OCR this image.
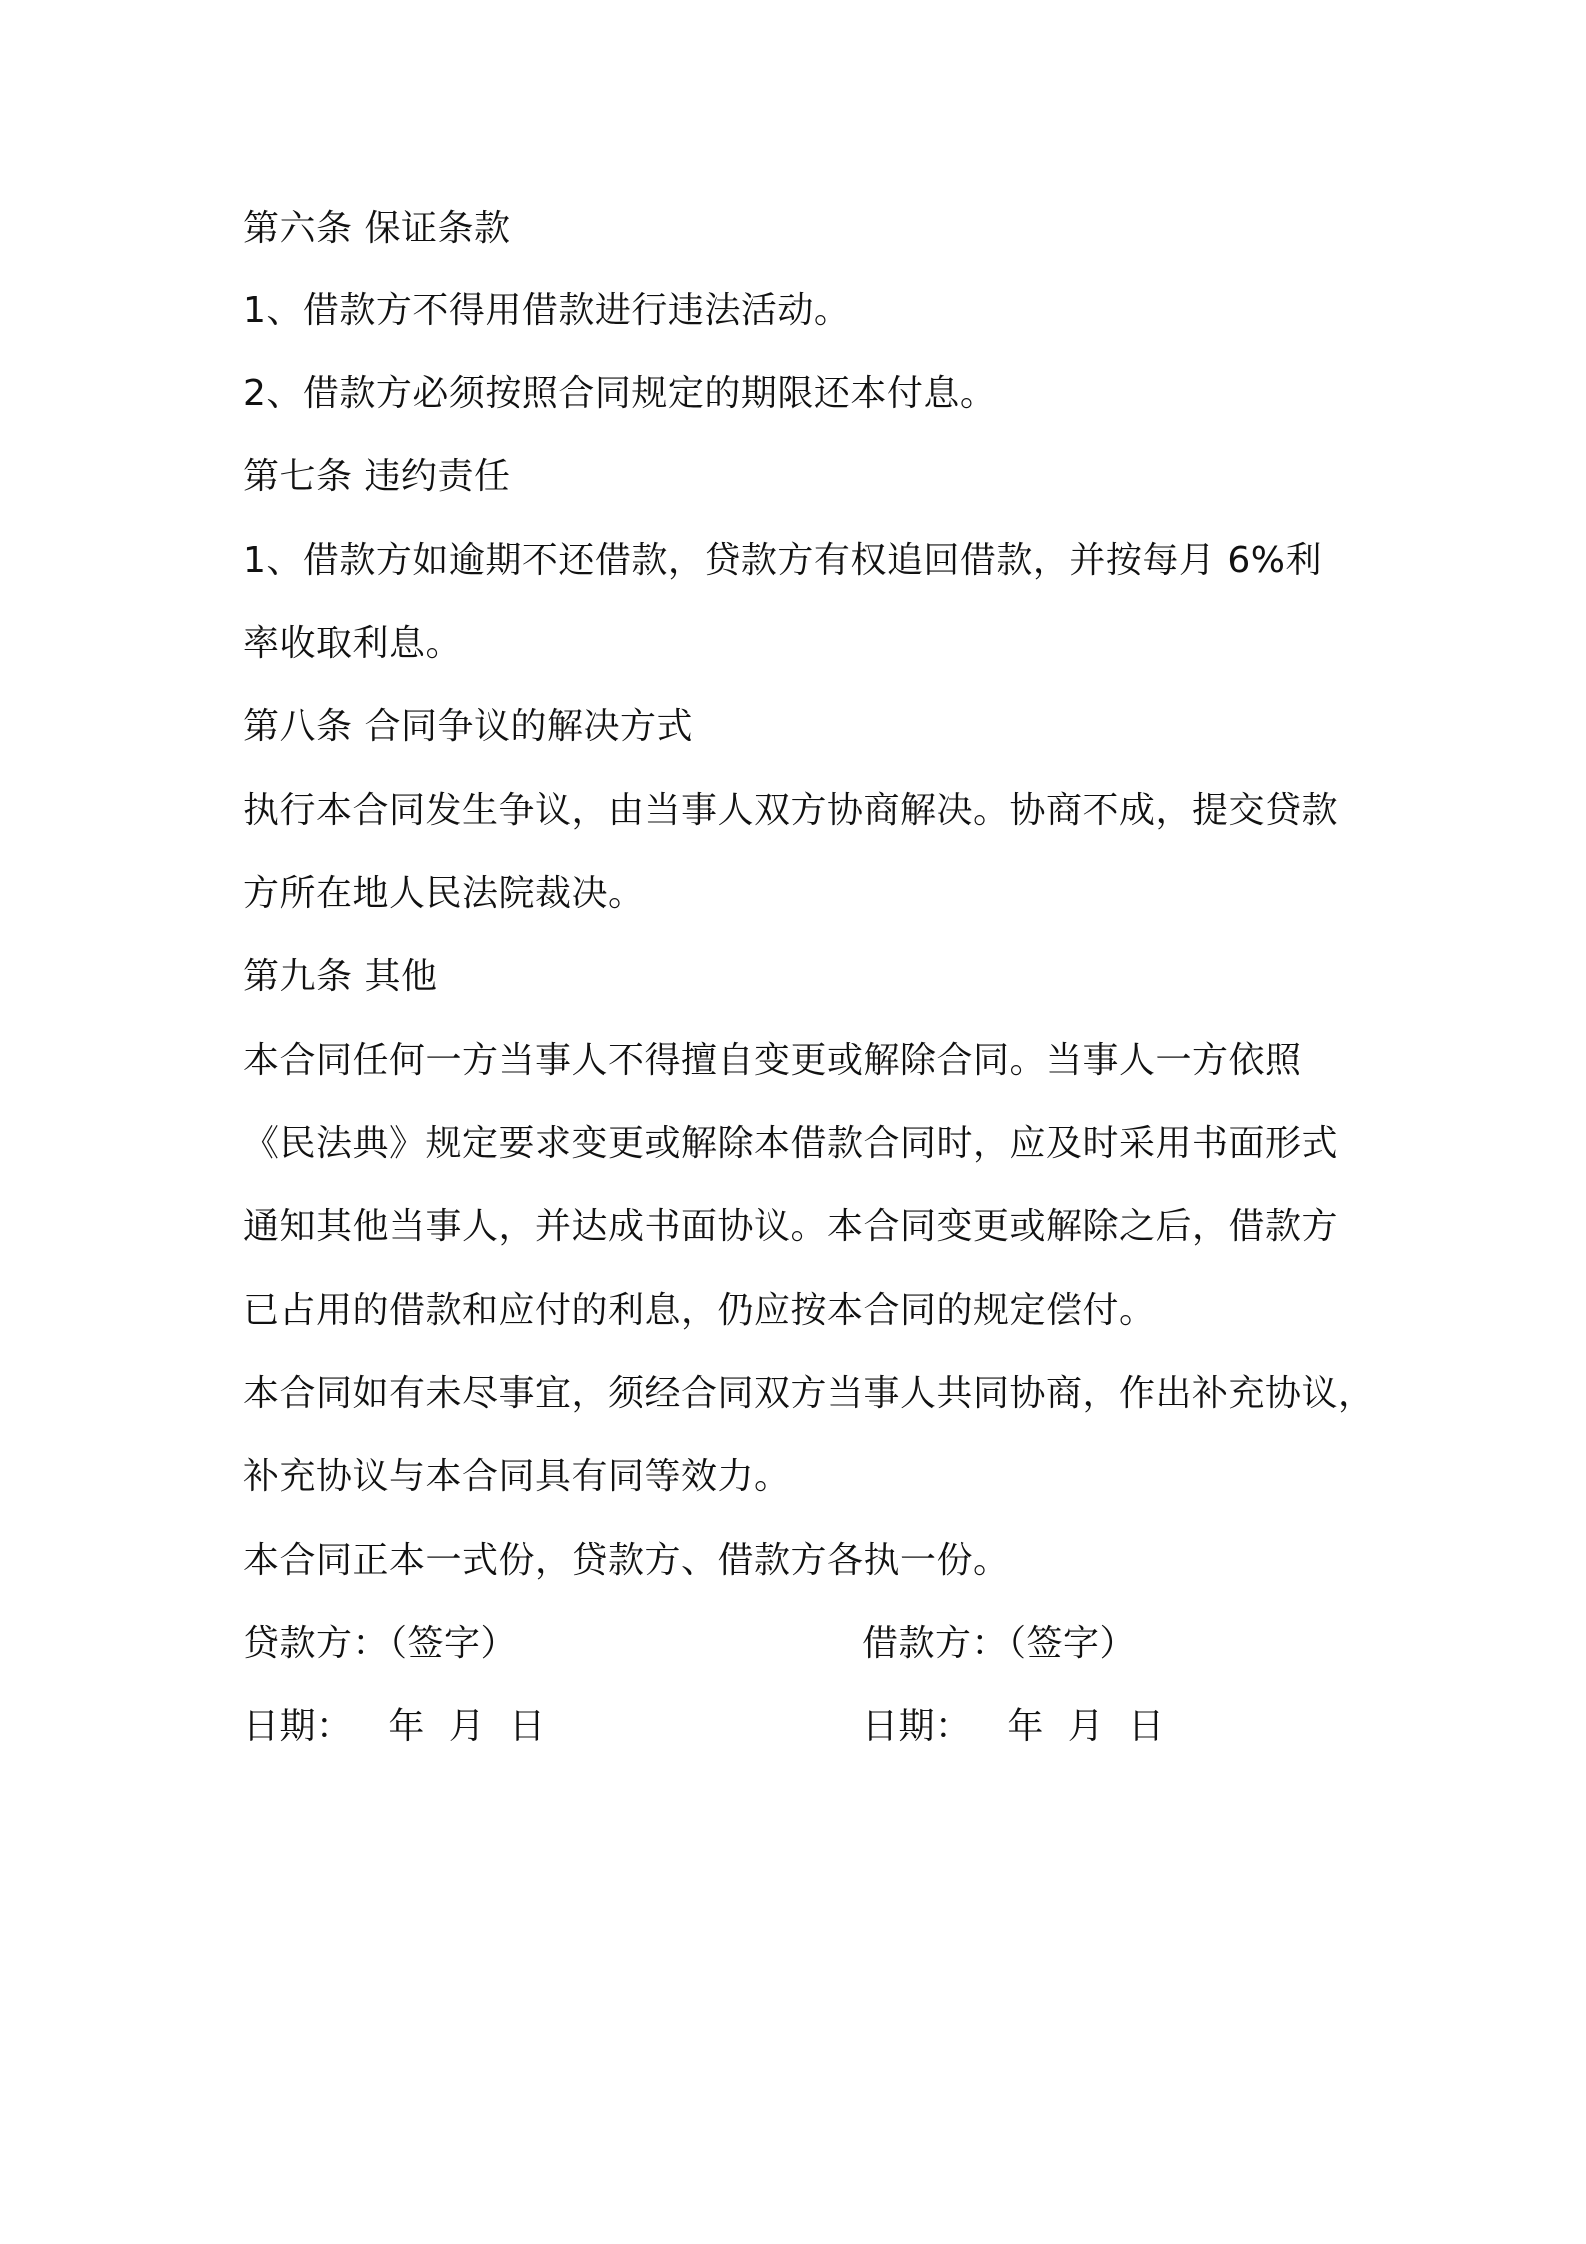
第六条 保证条款
1、借款方不得用借款进行违法活动。
2、借款方必须按照合同规定的期限还本付息。
第七条 违约责任
1、借款方如逾期不还借款，贷款方有权追回借款，并按每月 6%利
率收取利息。
第八条 合同争议的解决方式
执行本合同发生争议，由当事人双方协商解决。协商不成，提交贷款
方所在地人民法院裁决。
第九条 其他
本合同任何一方当事人不得擅自变更或解除合同。当事人一方依照
《民法典》规定要求变更或解除本借款合同时，应及时采用书面形式
通知其他当事人，并达成书面协议。本合同变更或解除之后，借款方
已占用的借款和应付的利息，仍应按本合同的规定偿付。
本合同如有未尽事宜，须经合同双方当事人共同协商，作出补充协议，
补充协议与本合同具有同等效力。
本合同正本一式份，贷款方、借款方各执一份。
贷款方：（签字）	借款方：（签字）
日期：   年  月  日	日期：   年  月  日
